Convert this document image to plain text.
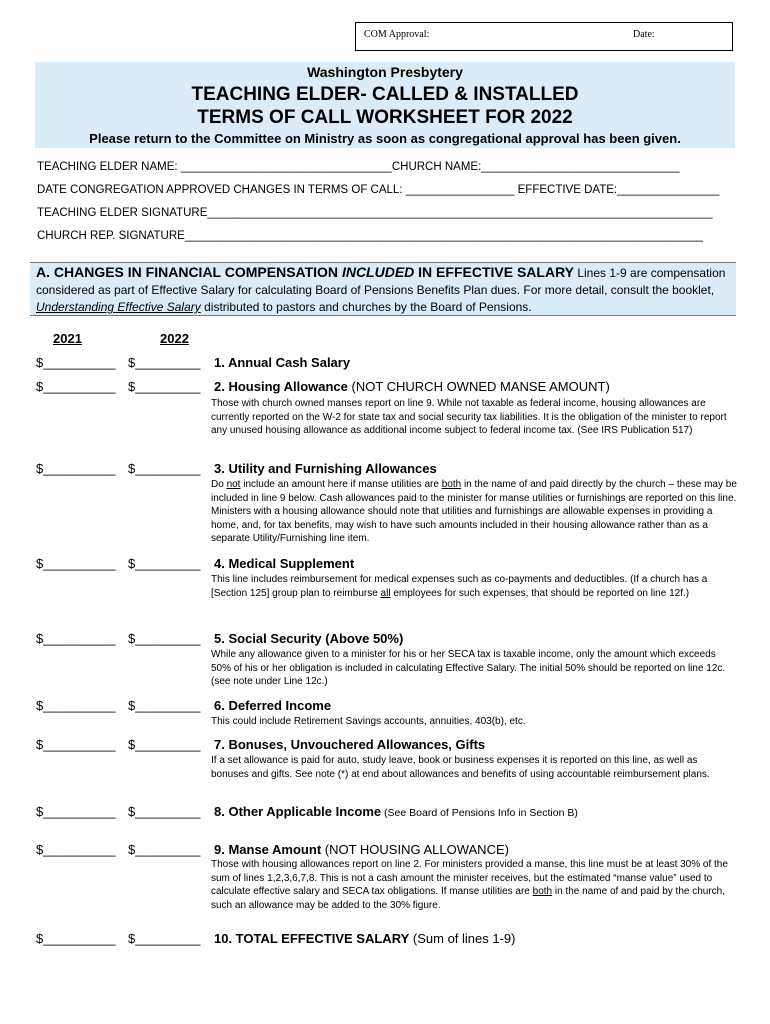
COM Approval:	Date:
Washington Presbytery
TEACHING ELDER- CALLED & INSTALLED
TERMS OF CALL WORKSHEET FOR 2022
Please return to the Committee on Ministry as soon as congregational approval has been given.
TEACHING ELDER NAME: _________________________________CHURCH NAME:_______________________________
DATE CONGREGATION APPROVED CHANGES IN TERMS OF CALL: _________________ EFFECTIVE DATE:________________
TEACHING ELDER SIGNATURE_______________________________________________________________________________
CHURCH REP. SIGNATURE_________________________________________________________________________________
A. CHANGES IN FINANCIAL COMPENSATION INCLUDED IN EFFECTIVE SALARY Lines 1-9 are compensation considered as part of Effective Salary for calculating Board of Pensions Benefits Plan dues. For more detail, consult the booklet, Understanding Effective Salary distributed to pastors and churches by the Board of Pensions.
2021	2022
$__________ $_________ 1. Annual Cash Salary
$__________ $_________ 2. Housing Allowance (NOT CHURCH OWNED MANSE AMOUNT)
Those with church owned manses report on line 9. While not taxable as federal income, housing allowances are currently reported on the W-2 for state tax and social security tax liabilities. It is the obligation of the minister to report any unused housing allowance as additional income subject to federal income tax. (See IRS Publication 517)
$__________ $_________ 3. Utility and Furnishing Allowances
Do not include an amount here if manse utilities are both in the name of and paid directly by the church – these may be included in line 9 below. Cash allowances paid to the minister for manse utilities or furnishings are reported on this line. Ministers with a housing allowance should note that utilities and furnishings are allowable expenses in providing a home, and, for tax benefits, may wish to have such amounts included in their housing allowance rather than as a separate Utility/Furnishing line item.
$__________ $_________ 4. Medical Supplement
This line includes reimbursement for medical expenses such as co-payments and deductibles. (If a church has a [Section 125] group plan to reimburse all employees for such expenses, that should be reported on line 12f.)
$__________ $_________ 5. Social Security (Above 50%)
While any allowance given to a minister for his or her SECA tax is taxable income, only the amount which exceeds 50% of his or her obligation is included in calculating Effective Salary. The initial 50% should be reported on line 12c. (see note under Line 12c.)
$__________ $_________ 6. Deferred Income
This could include Retirement Savings accounts, annuities, 403(b), etc.
$__________ $_________ 7. Bonuses, Unvouchered Allowances, Gifts
If a set allowance is paid for auto, study leave, book or business expenses it is reported on this line, as well as bonuses and gifts. See note (*) at end about allowances and benefits of using accountable reimbursement plans.
$__________ $_________ 8. Other Applicable Income (See Board of Pensions Info in Section B)
$__________ $_________ 9. Manse Amount (NOT HOUSING ALLOWANCE)
Those with housing allowances report on line 2. For ministers provided a manse, this line must be at least 30% of the sum of lines 1,2,3,6,7,8. This is not a cash amount the minister receives, but the estimated “manse value” used to calculate effective salary and SECA tax obligations. If manse utilities are both in the name of and paid by the church, such an allowance may be added to the 30% figure.
$__________ $_________ 10. TOTAL EFFECTIVE SALARY (Sum of lines 1-9)
